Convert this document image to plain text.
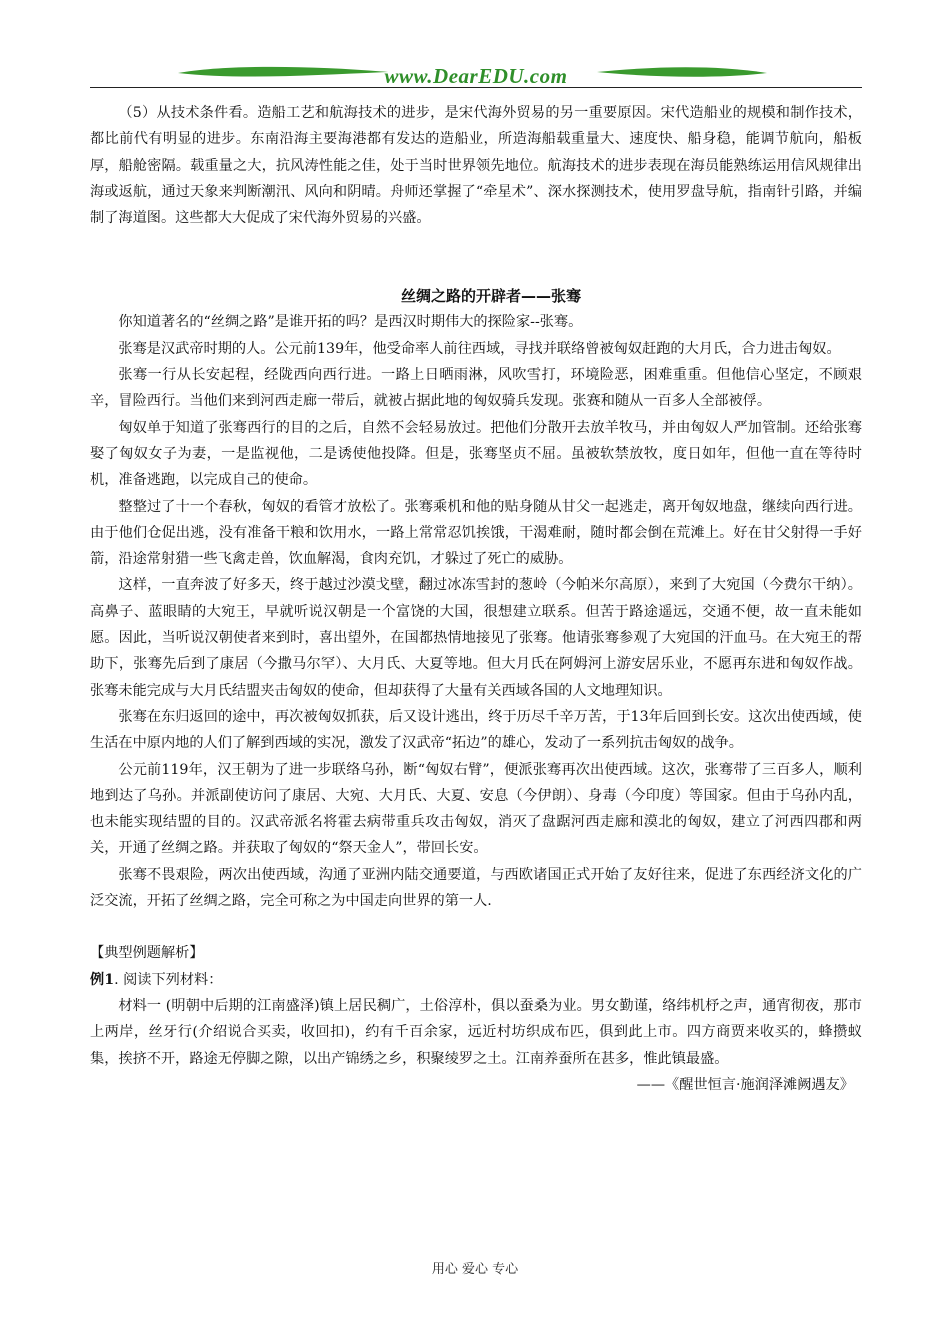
www.DearEDU.com

（5）从技术条件看。造船工艺和航海技术的进步，是宋代海外贸易的另一重要原因。宋代造船业的规模和制作技术，都比前代有明显的进步。东南沿海主要海港都有发达的造船业，所造海船载重量大、速度快、船身稳，能调节航向，船板厚，船舱密隔。载重量之大，抗风涛性能之佳，处于当时世界领先地位。航海技术的进步表现在海员能熟练运用信风规律出海或返航，通过天象来判断潮汛、风向和阴晴。舟师还掌握了“牵星术”、深水探测技术，使用罗盘导航，指南针引路，并编制了海道图。这些都大大促成了宋代海外贸易的兴盛。

丝绸之路的开辟者——张骞

你知道著名的“丝绸之路”是谁开拓的吗？是西汉时期伟大的探险家--张骞。

张骞是汉武帝时期的人。公元前139年，他受命率人前往西域，寻找并联络曾被匈奴赶跑的大月氏，合力进击匈奴。

张骞一行从长安起程，经陇西向西行进。一路上日晒雨淋，风吹雪打，环境险恶，困难重重。但他信心坚定，不顾艰辛，冒险西行。当他们来到河西走廊一带后，就被占据此地的匈奴骑兵发现。张赛和随从一百多人全部被俘。

匈奴单于知道了张骞西行的目的之后，自然不会轻易放过。把他们分散开去放羊牧马，并由匈奴人严加管制。还给张骞娶了匈奴女子为妻，一是监视他，二是诱使他投降。但是，张骞坚贞不屈。虽被软禁放牧，度日如年，但他一直在等待时机，准备逃跑，以完成自己的使命。

整整过了十一个春秋，匈奴的看管才放松了。张骞乘机和他的贴身随从甘父一起逃走，离开匈奴地盘，继续向西行进。由于他们仓促出逃，没有准备干粮和饮用水，一路上常常忍饥挨饿，干渴难耐，随时都会倒在荒滩上。好在甘父射得一手好箭，沿途常射猎一些飞禽走兽，饮血解渴，食肉充饥，才躲过了死亡的威胁。

这样，一直奔波了好多天，终于越过沙漠戈壁，翻过冰冻雪封的葱岭（今帕米尔高原），来到了大宛国（今费尔干纳）。高鼻子、蓝眼睛的大宛王，早就听说汉朝是一个富饶的大国，很想建立联系。但苦于路途遥远，交通不便，故一直未能如愿。因此，当听说汉朝使者来到时，喜出望外，在国都热情地接见了张骞。他请张骞参观了大宛国的汗血马。在大宛王的帮助下，张骞先后到了康居（今撒马尔罕）、大月氏、大夏等地。但大月氏在阿姆河上游安居乐业，不愿再东进和匈奴作战。张骞未能完成与大月氏结盟夹击匈奴的使命，但却获得了大量有关西域各国的人文地理知识。

张骞在东归返回的途中，再次被匈奴抓获，后又设计逃出，终于历尽千辛万苦，于13年后回到长安。这次出使西域，使生活在中原内地的人们了解到西域的实况，激发了汉武帝“拓边”的雄心，发动了一系列抗击匈奴的战争。

公元前119年，汉王朝为了进一步联络乌孙，断“匈奴右臂”，便派张骞再次出使西域。这次，张骞带了三百多人，顺利地到达了乌孙。并派副使访问了康居、大宛、大月氏、大夏、安息（今伊朗）、身毒（今印度）等国家。但由于乌孙内乱，也未能实现结盟的目的。汉武帝派名将霍去病带重兵攻击匈奴，消灭了盘踞河西走廊和漠北的匈奴，建立了河西四郡和两关，开通了丝绸之路。并获取了匈奴的“祭天金人”，带回长安。

张骞不畏艰险，两次出使西域，沟通了亚洲内陆交通要道，与西欧诸国正式开始了友好往来，促进了东西经济文化的广泛交流，开拓了丝绸之路，完全可称之为中国走向世界的第一人.

【典型例题解析】

例1. 阅读下列材料：

材料一 (明朝中后期的江南盛泽)镇上居民稠广，土俗淳朴，俱以蚕桑为业。男女勤谨，络纬机杼之声，通宵彻夜，那市上两岸，丝牙行(介绍说合买卖，收回扣)，约有千百余家，远近村坊织成布匹，俱到此上市。四方商贾来收买的，蜂攒蚁集，挨挤不开，路途无停脚之隙，以出产锦绣之乡，积聚绫罗之土。江南养蚕所在甚多，惟此镇最盛。

——《醒世恒言·施润泽滩阙遇友》

用心 爱心 专心
